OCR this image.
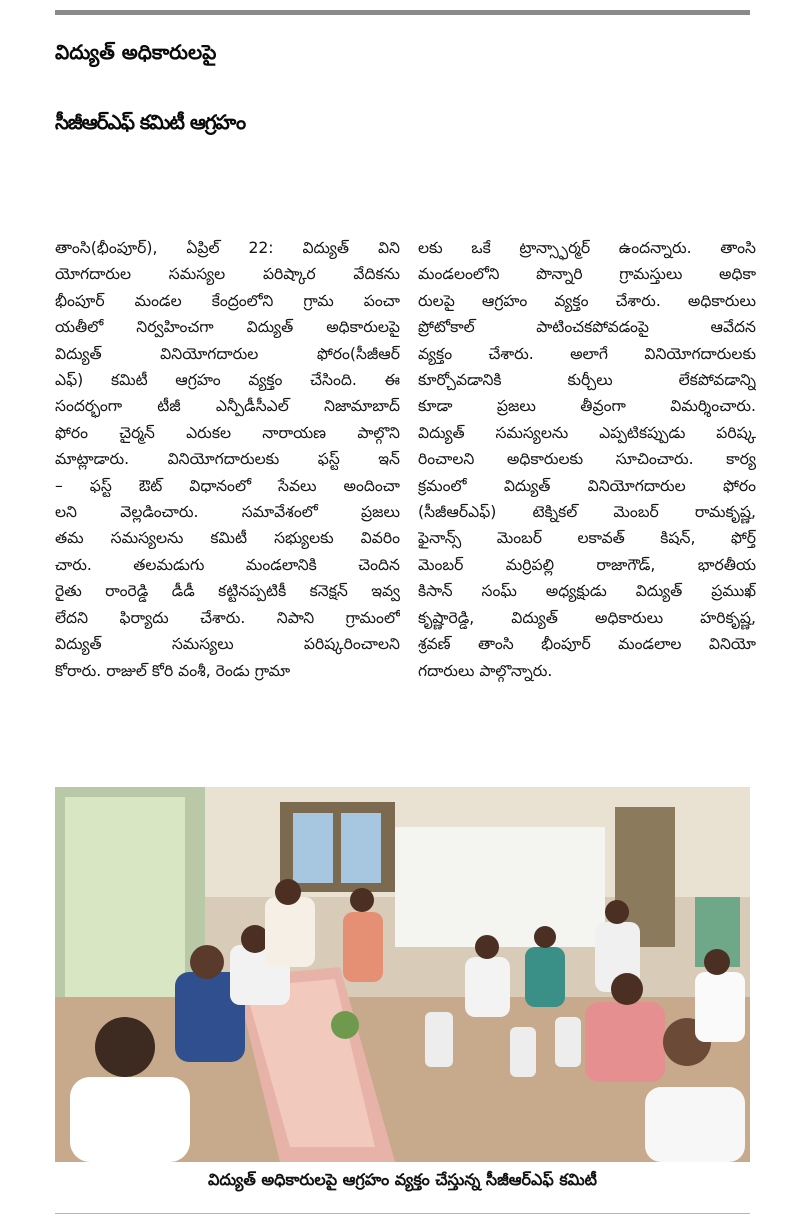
విద్యుత్ అధికారులపై
సీజీఆర్ఎఫ్ కమిటీ ఆగ్రహం
తాంసి(భీంపూర్), ఏప్రిల్ 22: విద్యుత్ విని
యోగదారుల సమస్యల పరిష్కార వేదికను
భీంపూర్ మండల కేంద్రంలోని గ్రామ పంచా
యతీలో నిర్వహించగా విద్యుత్ అధికారులపై
విద్యుత్ వినియోగదారుల ఫోరం(సీజీఆర్
ఎఫ్) కమిటీ ఆగ్రహం వ్యక్తం చేసింది. ఈ
సందర్భంగా టీజీ ఎన్పీడీసీఎల్ నిజామాబాద్
ఫోరం చైర్మన్ ఎరుకల నారాయణ పాల్గొని
మాట్లాడారు. వినియోగదారులకు ఫస్ట్ ఇన్
– ఫస్ట్ ఔట్ విధానంలో సేవలు అందించా
లని వెల్లడించారు. సమావేశంలో ప్రజలు
తమ సమస్యలను కమిటీ సభ్యులకు వివరిం
చారు. తలమడుగు మండలానికి చెందిన
రైతు రాంరెడ్డి డీడీ కట్టినప్పటికీ కనెక్షన్ ఇవ్వ
లేదని ఫిర్యాదు చేశారు. నిపాని గ్రామంలో
విద్యుత్ సమస్యలు పరిష్కరించాలని
కోరారు. రాజుల్ కోరి వంశీ, రెండు గ్రామా
లకు ఒకే ట్రాన్స్ఫార్మర్ ఉందన్నారు. తాంసి
మండలంలోని పొన్నారి గ్రామస్తులు అధికా
రులపై ఆగ్రహం వ్యక్తం చేశారు. అధికారులు
ప్రోటోకాల్ పాటించకపోవడంపై ఆవేదన
వ్యక్తం చేశారు. అలాగే వినియోగదారులకు
కూర్చోవడానికి కుర్చీలు లేకపోవడాన్ని
కూడా ప్రజలు తీవ్రంగా విమర్శించారు.
విద్యుత్ సమస్యలను ఎప్పటికప్పుడు పరిష్క
రించాలని అధికారులకు సూచించారు. కార్య
క్రమంలో విద్యుత్ వినియోగదారుల ఫోరం
(సీజీఆర్ఎఫ్) టెక్నికల్ మెంబర్ రామకృష్ణ,
ఫైనాన్స్ మెంబర్ లకావత్ కిషన్, ఫోర్త్
మెంబర్ మర్రిపల్లి రాజాగౌడ్, భారతీయ
కిసాన్ సంఘ్ అధ్యక్షుడు విద్యుత్ ప్రముఖ్
కృష్ణారెడ్డి, విద్యుత్ అధికారులు హరికృష్ణ,
శ్రవణ్ తాంసి భీంపూర్ మండలాల వినియో
గదారులు పాల్గొన్నారు.
విద్యుత్ అధికారులపై ఆగ్రహం వ్యక్తం చేస్తున్న సీజీఆర్ఎఫ్ కమిటీ
